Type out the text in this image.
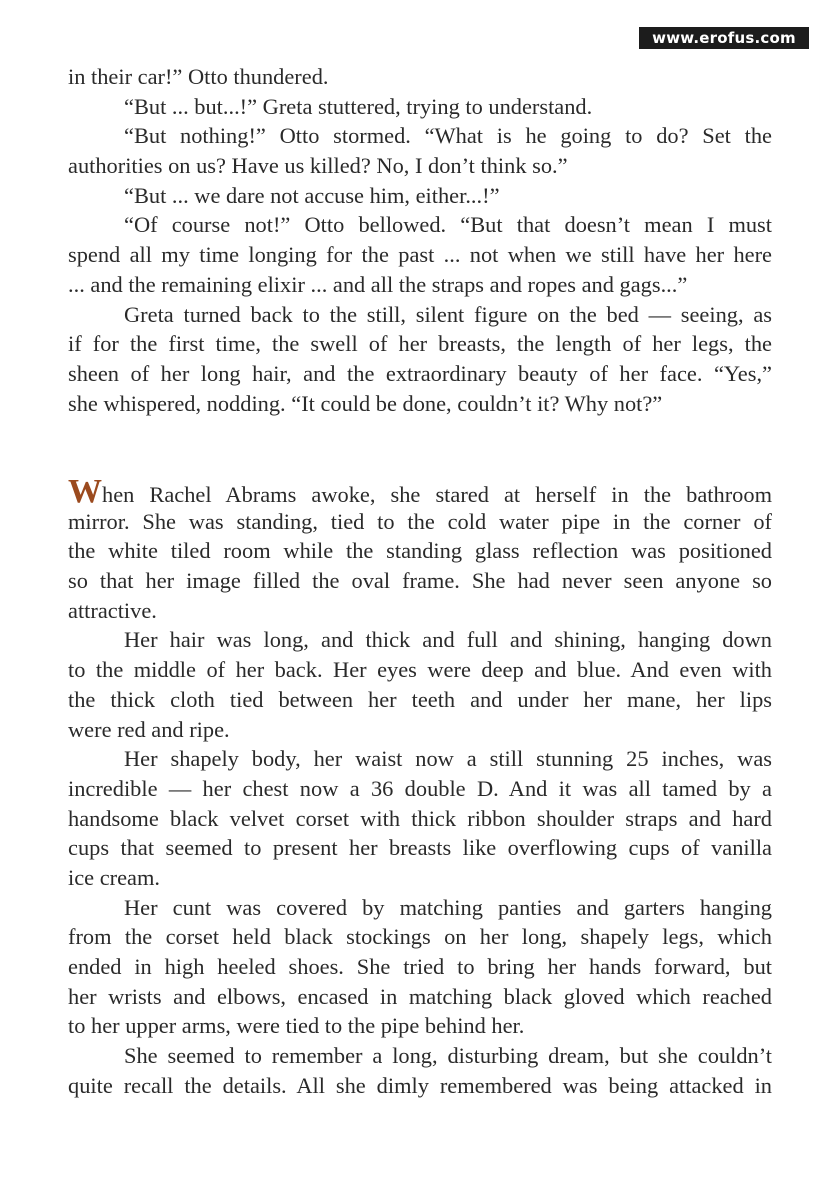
www.erofus.com
in their car!” Otto thundered.
“But ... but...!” Greta stuttered, trying to understand.
“But nothing!” Otto stormed. “What is he going to do? Set the
authorities on us? Have us killed? No, I don’t think so.”
“But ... we dare not accuse him, either...!”
“Of course not!” Otto bellowed. “But that doesn’t mean I must
spend all my time longing for the past ... not when we still have her here
... and the remaining elixir ... and all the straps and ropes and gags...”
Greta turned back to the still, silent figure on the bed — seeing, as
if for the first time, the swell of her breasts, the length of her legs, the
sheen of her long hair, and the extraordinary beauty of her face. “Yes,”
she whispered, nodding. “It could be done, couldn’t it? Why not?”
When Rachel Abrams awoke, she stared at herself in the bathroom
mirror. She was standing, tied to the cold water pipe in the corner of
the white tiled room while the standing glass reflection was positioned
so that her image filled the oval frame. She had never seen anyone so
attractive.
Her hair was long, and thick and full and shining, hanging down
to the middle of her back. Her eyes were deep and blue. And even with
the thick cloth tied between her teeth and under her mane, her lips
were red and ripe.
Her shapely body, her waist now a still stunning 25 inches, was
incredible — her chest now a 36 double D. And it was all tamed by a
handsome black velvet corset with thick ribbon shoulder straps and hard
cups that seemed to present her breasts like overflowing cups of vanilla
ice cream.
Her cunt was covered by matching panties and garters hanging
from the corset held black stockings on her long, shapely legs, which
ended in high heeled shoes. She tried to bring her hands forward, but
her wrists and elbows, encased in matching black gloved which reached
to her upper arms, were tied to the pipe behind her.
She seemed to remember a long, disturbing dream, but she couldn’t
quite recall the details. All she dimly remembered was being attacked in
